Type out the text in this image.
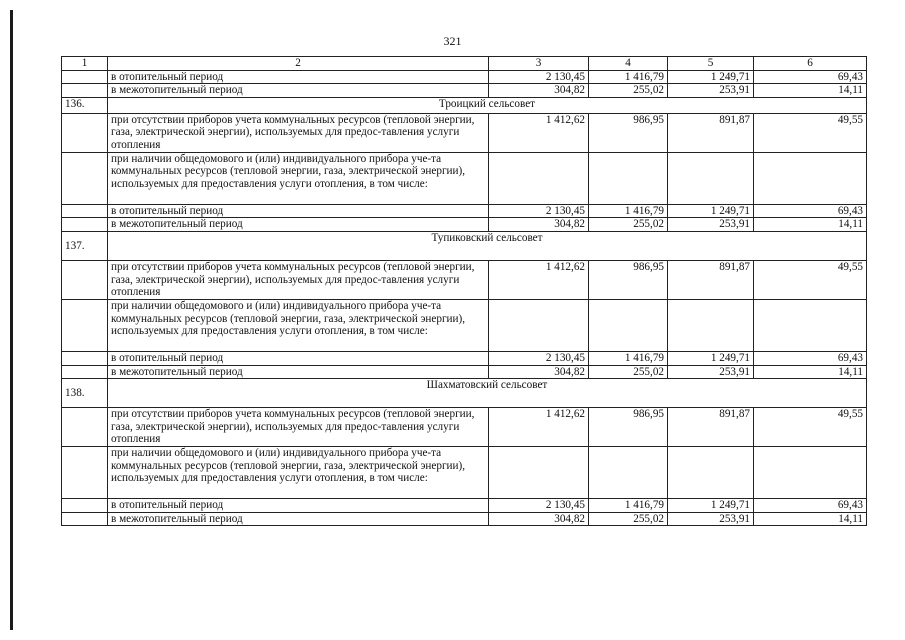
321
1	2	3	4	5	6
	в отопительный период	2 130,45	1 416,79	1 249,71	69,43
	в межотопительный период	304,82	255,02	253,91	14,11
136.	Троицкий сельсовет				
	при отсутствии приборов учета коммунальных ресурсов (тепловой энергии, газа, электрической энергии), используемых для предос-тавления услуги отопления	1 412,62	986,95	891,87	49,55
	при наличии общедомового и (или) индивидуального прибора уче-та коммунальных ресурсов (тепловой энергии, газа, электрической энергии), используемых для предоставления услуги отопления, в том числе:				
	в отопительный период	2 130,45	1 416,79	1 249,71	69,43
	в межотопительный период	304,82	255,02	253,91	14,11
137.	Тупиковский сельсовет				
	при отсутствии приборов учета коммунальных ресурсов (тепловой энергии, газа, электрической энергии), используемых для предос-тавления услуги отопления	1 412,62	986,95	891,87	49,55
	при наличии общедомового и (или) индивидуального прибора уче-та коммунальных ресурсов (тепловой энергии, газа, электрической энергии), используемых для предоставления услуги отопления, в том числе:				
	в отопительный период	2 130,45	1 416,79	1 249,71	69,43
	в межотопительный период	304,82	255,02	253,91	14,11
138.	Шахматовский сельсовет				
	при отсутствии приборов учета коммунальных ресурсов (тепловой энергии, газа, электрической энергии), используемых для предос-тавления услуги отопления	1 412,62	986,95	891,87	49,55
	при наличии общедомового и (или) индивидуального прибора уче-та коммунальных ресурсов (тепловой энергии, газа, электрической энергии), используемых для предоставления услуги отопления, в том числе:				
	в отопительный период	2 130,45	1 416,79	1 249,71	69,43
	в межотопительный период	304,82	255,02	253,91	14,11
